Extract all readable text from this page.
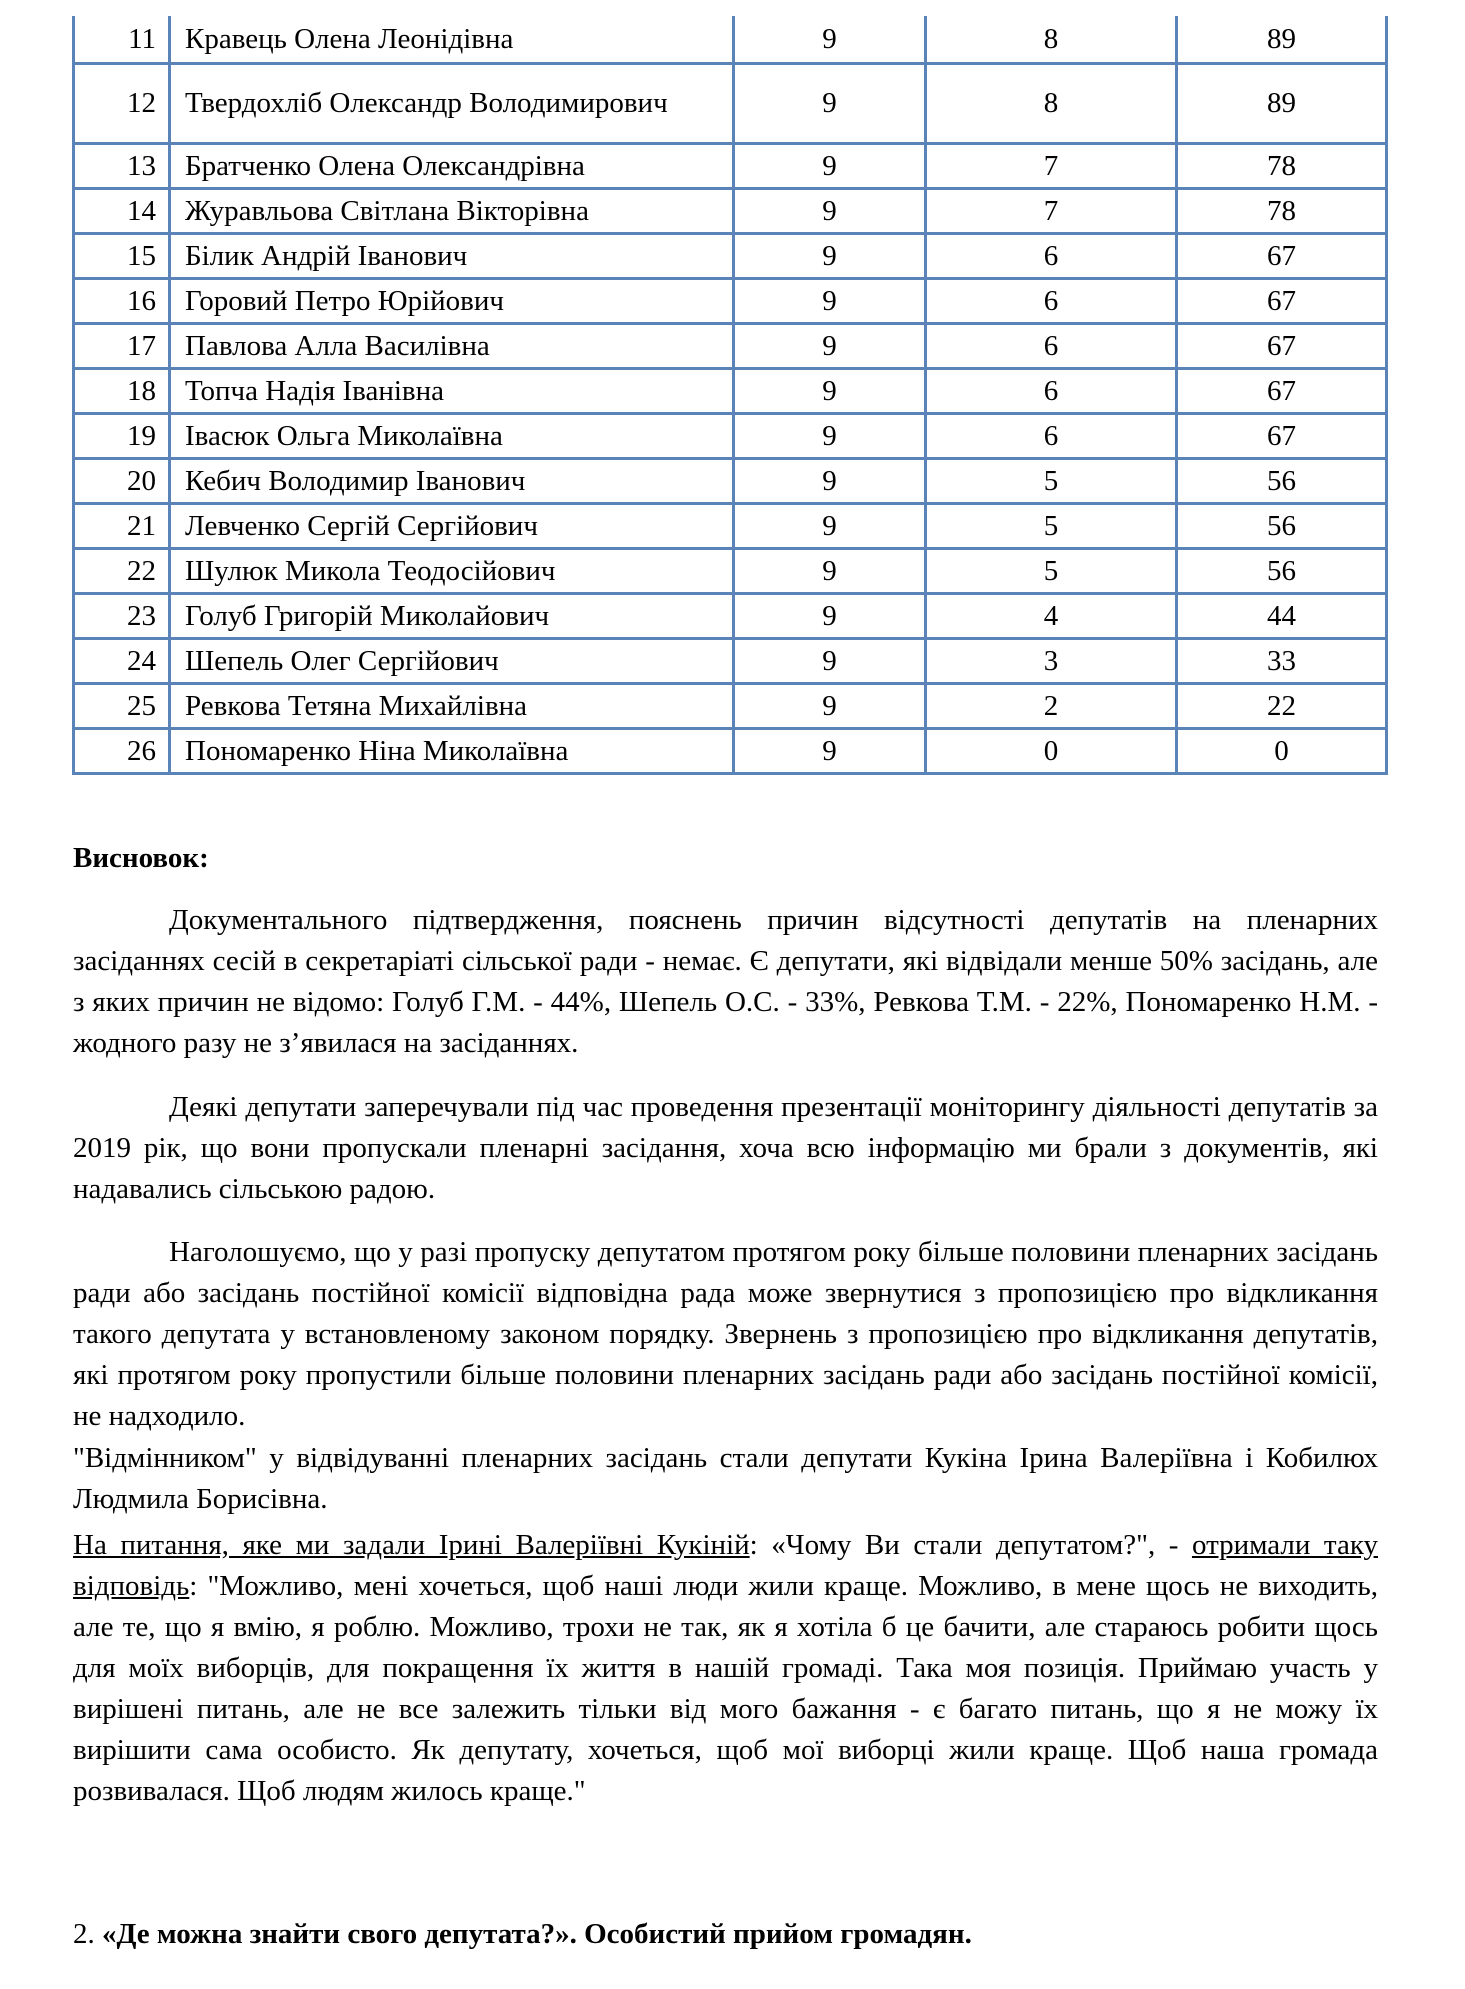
11	Кравець Олена Леонідівна	9	8	89
12	Твердохліб Олександр Володимирович	9	8	89
13	Братченко Олена Олександрівна	9	7	78
14	Журавльова Світлана Вікторівна	9	7	78
15	Білик Андрій Іванович	9	6	67
16	Горовий Петро Юрійович	9	6	67
17	Павлова Алла Василівна	9	6	67
18	Топча Надія Іванівна	9	6	67
19	Івасюк Ольга Миколаївна	9	6	67
20	Кебич Володимир Іванович	9	5	56
21	Левченко Сергій Сергійович	9	5	56
22	Шулюк Микола Теодосійович	9	5	56
23	Голуб Григорій Миколайович	9	4	44
24	Шепель Олег Сергійович	9	3	33
25	Ревкова Тетяна Михайлівна	9	2	22
26	Пономаренко Ніна Миколаївна	9	0	0
Висновок:
Документального підтвердження, пояснень причин відсутності депутатів на пленарних засіданнях сесій в секретаріаті сільської ради - немає. Є депутати, які відвідали менше 50% засідань, але з яких причин не відомо: Голуб Г.М. - 44%, Шепель О.С. - 33%, Ревкова Т.М. - 22%, Пономаренко Н.М. - жодного разу не з’явилася на засіданнях.
Деякі депутати заперечували під час проведення презентації моніторингу діяльності депутатів за 2019 рік, що вони пропускали пленарні засідання, хоча всю інформацію ми брали з документів, які надавались сільською радою.
Наголошуємо, що у разі пропуску депутатом протягом року більше половини пленарних засідань ради або засідань постійної комісії відповідна рада може звернутися з пропозицією про відкликання такого депутата у встановленому законом порядку. Звернень з пропозицією про відкликання депутатів, які протягом року пропустили більше половини пленарних засідань ради або засідань постійної комісії, не надходило.
"Відмінником" у відвідуванні пленарних засідань стали депутати Кукіна Ірина Валеріївна і Кобилюх Людмила Борисівна.
На питання, яке ми задали Ірині Валеріївні Кукіній: «Чому Ви стали депутатом?", - отримали таку відповідь: "Можливо, мені хочеться, щоб наші люди жили краще. Можливо, в мене щось не виходить, але те, що я вмію, я роблю. Можливо, трохи не так, як я хотіла б це бачити, але стараюсь робити щось для моїх виборців, для покращення їх життя в нашій громаді. Така моя позиція. Приймаю участь у вирішені питань, але не все залежить тільки від мого бажання - є багато питань, що я не можу їх вирішити сама особисто. Як депутату, хочеться, щоб мої виборці жили краще. Щоб наша громада розвивалася. Щоб людям жилось краще."
2. «Де можна знайти свого депутата?». Особистий прийом громадян.
